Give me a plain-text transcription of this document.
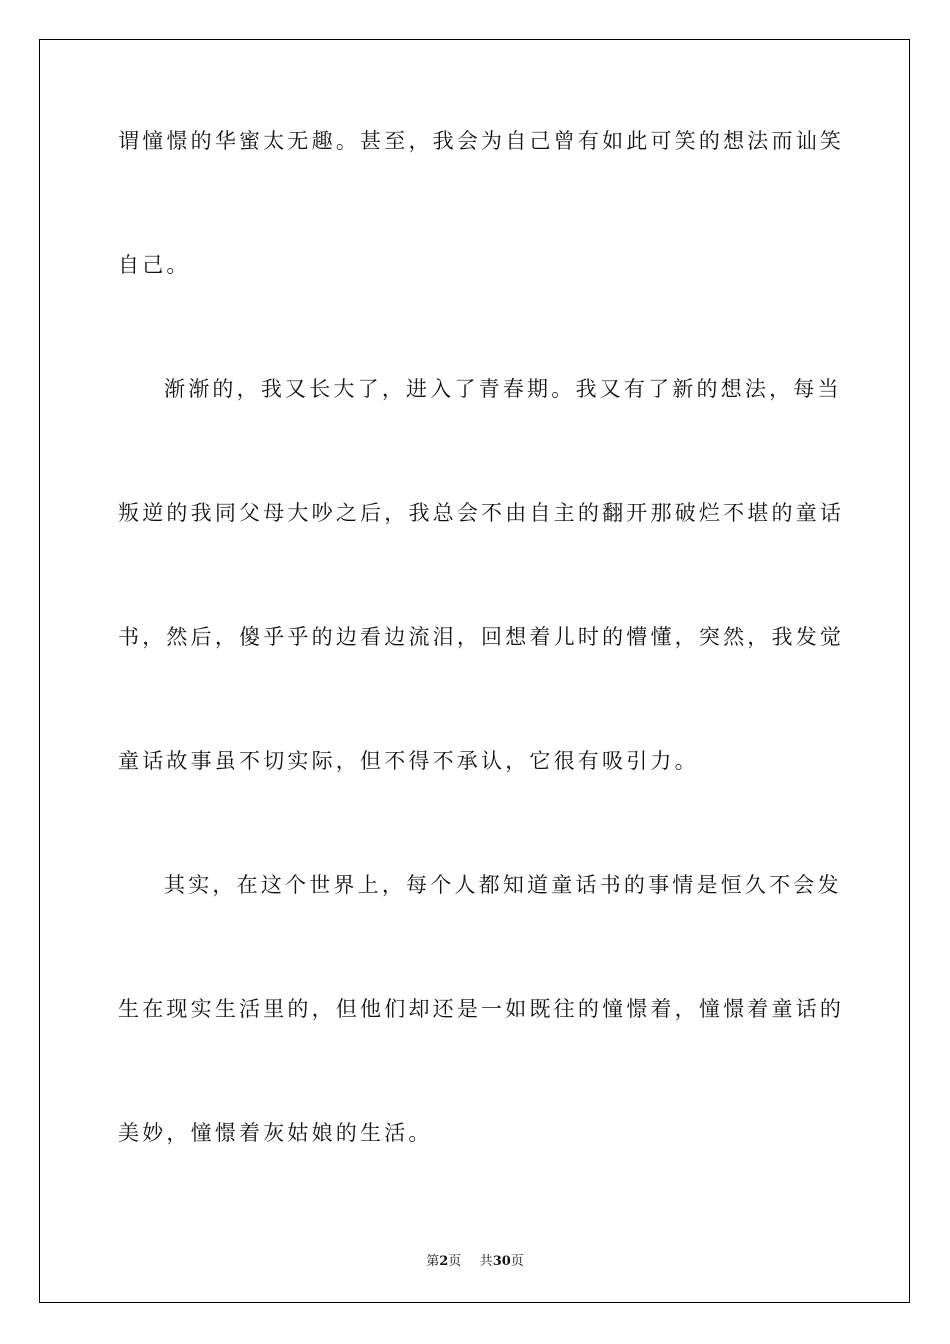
谓 憧 憬 的 华 蜜 太 无 趣 。 甚 至 ， 我 会 为 自 己 曾 有 如 此 可 笑 的 想 法 而 讪 笑
自己。
渐 渐 的 ， 我 又 长 大 了 ， 进 入 了 青 春 期 。 我 又 有 了 新 的 想 法 ， 每 当
叛 逆 的 我 同 父 母 大 吵 之 后 ， 我 总 会 不 由 自 主 的 翻 开 那 破 烂 不 堪 的 童 话
书 ， 然 后 ， 傻 乎 乎 的 边 看 边 流 泪 ， 回 想 着 儿 时 的 懵 懂 ， 突 然 ， 我 发 觉
童话故事虽不切实际，但不得不承认，它很有吸引力。
其 实 ， 在 这 个 世 界 上 ， 每 个 人 都 知 道 童 话 书 的 事 情 是 恒 久 不 会 发
生 在 现 实 生 活 里 的 ， 但 他 们 却 还 是 一 如 既 往 的 憧 憬 着 ， 憧 憬 着 童 话 的
美妙，憧憬着灰姑娘的生活。
第2页 共30页
